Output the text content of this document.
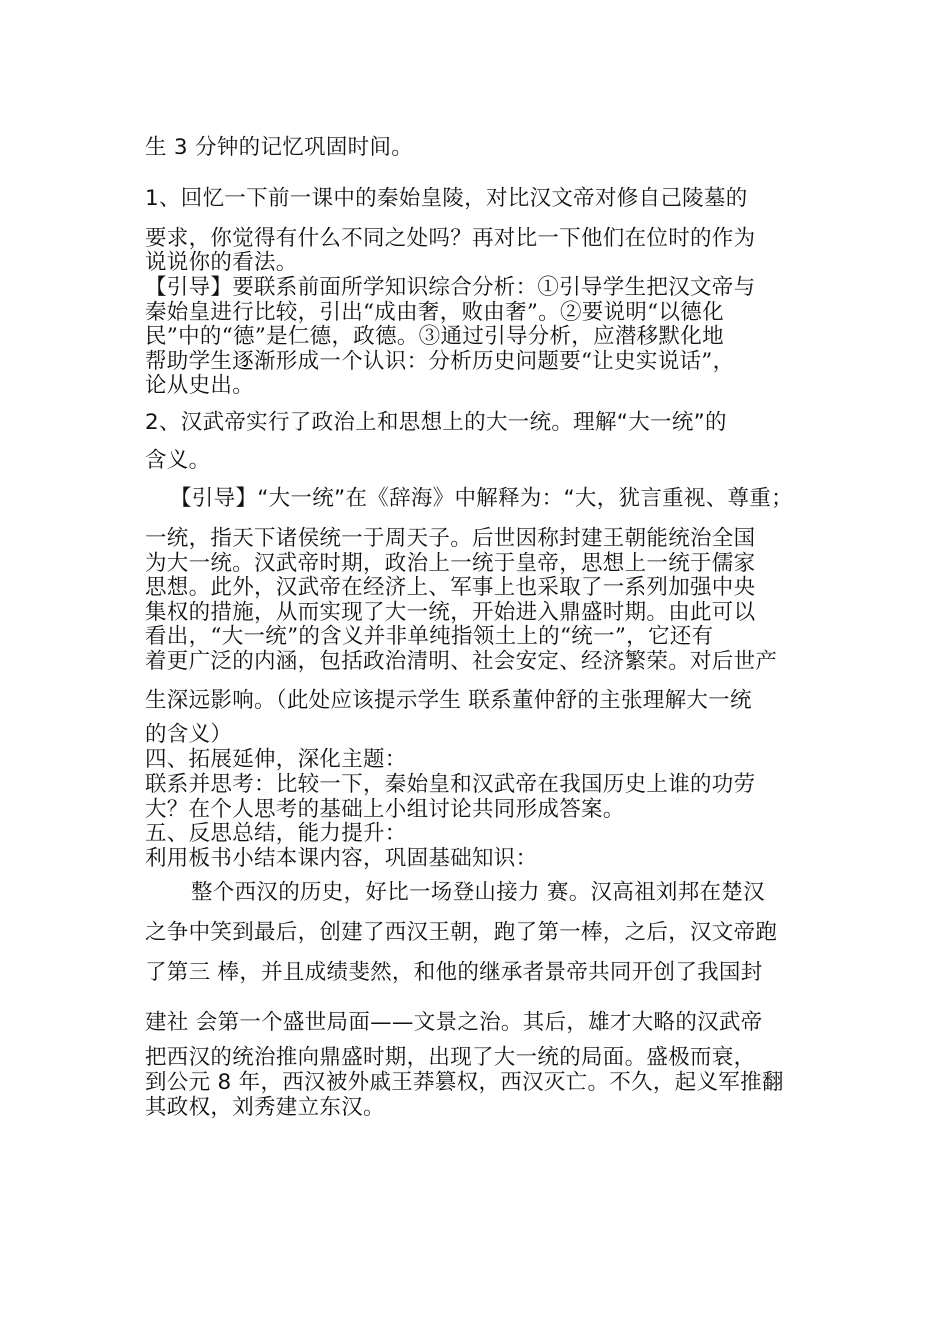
生 3 分钟的记忆巩固时间。
1、回忆一下前一课中的秦始皇陵，对比汉文帝对修自己陵墓的
要求，你觉得有什么不同之处吗？再对比一下他们在位时的作为
说说你的看法。
【引导】要联系前面所学知识综合分析：①引导学生把汉文帝与
秦始皇进行比较，引出“成由奢，败由奢”。②要说明“以德化
民”中的“德”是仁德，政德。③通过引导分析，应潜移默化地
帮助学生逐渐形成一个认识：分析历史问题要“让史实说话”，
论从史出。
2、汉武帝实行了政治上和思想上的大一统。理解“大一统”的
含义。
【引导】“大一统”在《辞海》中解释为：“大，犹言重视、尊重；
一统，指天下诸侯统一于周天子。后世因称封建王朝能统治全国
为大一统。汉武帝时期，政治上一统于皇帝，思想上一统于儒家
思想。此外，汉武帝在经济上、军事上也采取了一系列加强中央
集权的措施，从而实现了大一统，开始进入鼎盛时期。由此可以
看出，“大一统”的含义并非单纯指领土上的“统一”，它还有
着更广泛的内涵，包括政治清明、社会安定、经济繁荣。对后世产
生深远影响。（此处应该提示学生 联系董仲舒的主张理解大一统
的含义）
四、拓展延伸，深化主题：
联系并思考：比较一下，秦始皇和汉武帝在我国历史上谁的功劳
大？在个人思考的基础上小组讨论共同形成答案。
五、反思总结，能力提升：
利用板书小结本课内容，巩固基础知识：
整个西汉的历史，好比一场登山接力 赛。汉高祖刘邦在楚汉
之争中笑到最后，创建了西汉王朝，跑了第一棒，之后，汉文帝跑
了第三 棒，并且成绩斐然，和他的继承者景帝共同开创了我国封
建社 会第一个盛世局面——文景之治。其后，雄才大略的汉武帝
把西汉的统治推向鼎盛时期，出现了大一统的局面。盛极而衰，
到公元 8 年，西汉被外戚王莽篡权，西汉灭亡。不久，起义军推翻
其政权，刘秀建立东汉。
